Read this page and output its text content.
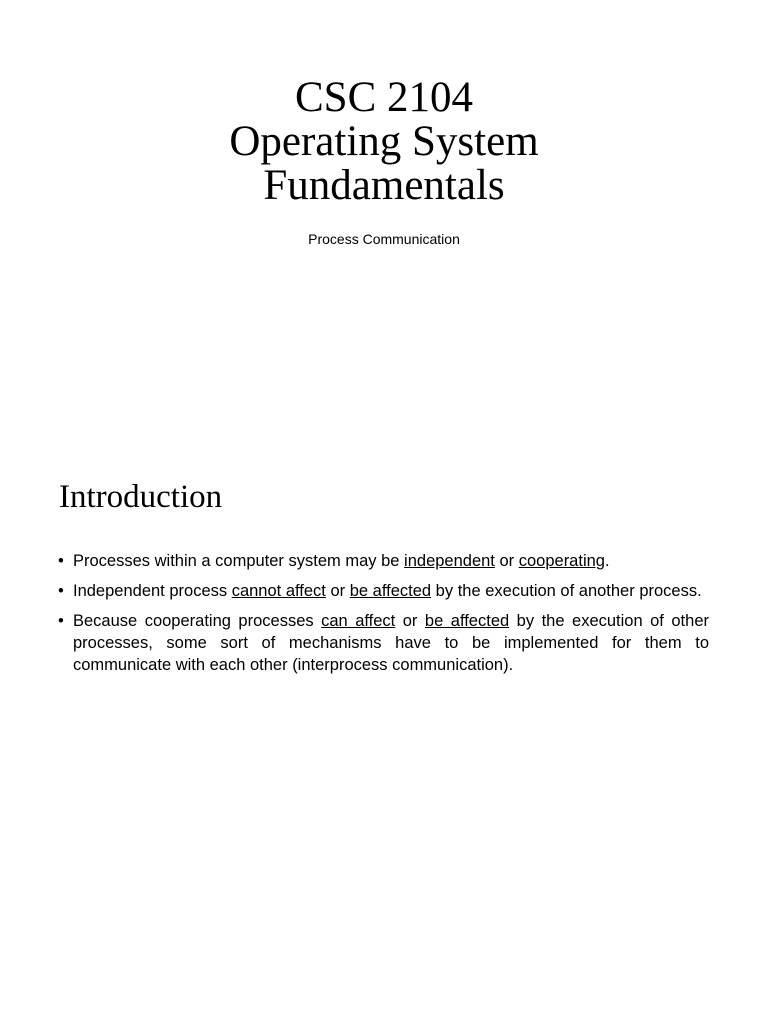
CSC 2104
Operating System
Fundamentals
Process Communication
Introduction
• Processes within a computer system may be independent or cooperating.
• Independent process cannot affect or be affected by the execution of another process.
• Because cooperating processes can affect or be affected by the execution of other processes, some sort of mechanisms have to be implemented for them to communicate with each other (interprocess communication).
